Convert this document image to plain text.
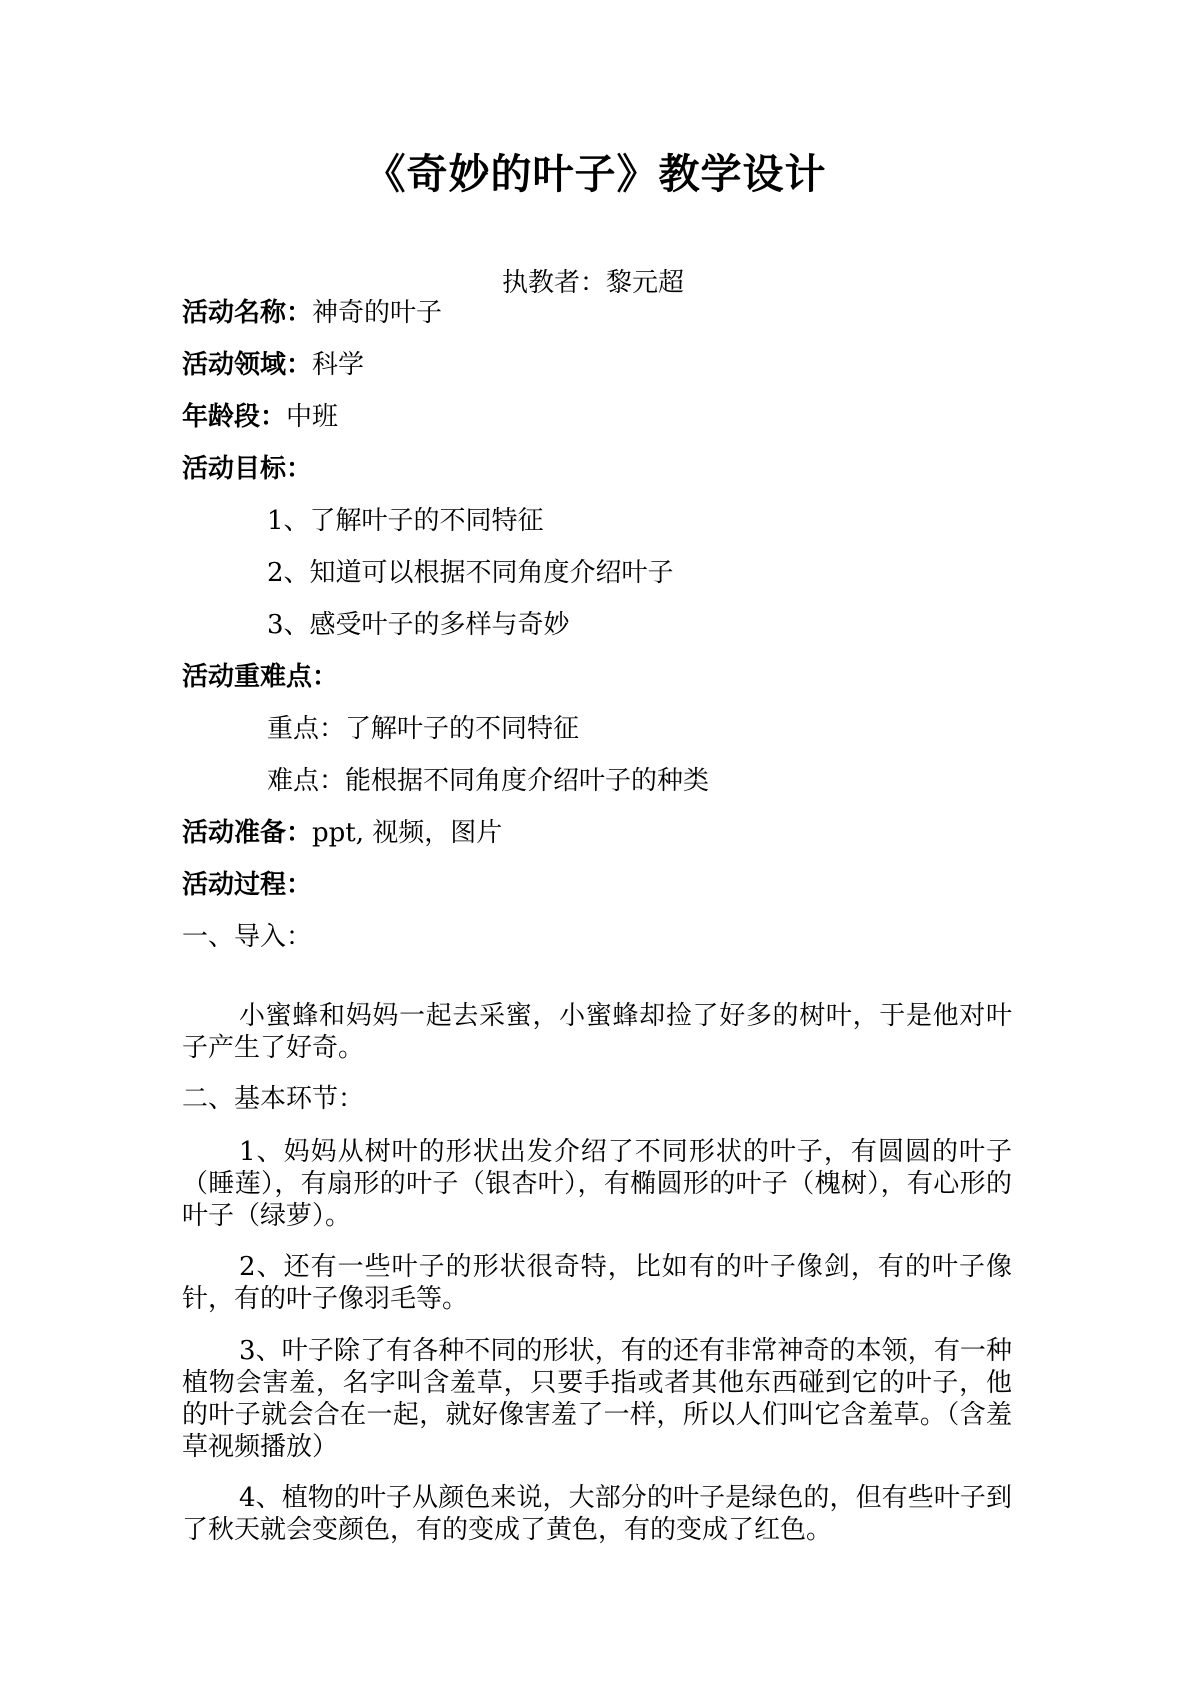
《奇妙的叶子》教学设计
执教者：黎元超
活动名称：神奇的叶子
活动领域：科学
年龄段：中班
活动目标：
1、了解叶子的不同特征
2、知道可以根据不同角度介绍叶子
3、感受叶子的多样与奇妙
活动重难点：
重点：了解叶子的不同特征
难点：能根据不同角度介绍叶子的种类
活动准备：ppt, 视频，图片
活动过程：
一、导入：
小蜜蜂和妈妈一起去采蜜，小蜜蜂却捡了好多的树叶，于是他对叶子产生了好奇。
二、基本环节：
1、妈妈从树叶的形状出发介绍了不同形状的叶子，有圆圆的叶子（睡莲），有扇形的叶子（银杏叶），有椭圆形的叶子（槐树），有心形的叶子（绿萝）。
2、还有一些叶子的形状很奇特，比如有的叶子像剑，有的叶子像针，有的叶子像羽毛等。
3、叶子除了有各种不同的形状，有的还有非常神奇的本领，有一种植物会害羞，名字叫含羞草，只要手指或者其他东西碰到它的叶子，他的叶子就会合在一起，就好像害羞了一样，所以人们叫它含羞草。（含羞草视频播放）
4、植物的叶子从颜色来说，大部分的叶子是绿色的，但有些叶子到了秋天就会变颜色，有的变成了黄色，有的变成了红色。
